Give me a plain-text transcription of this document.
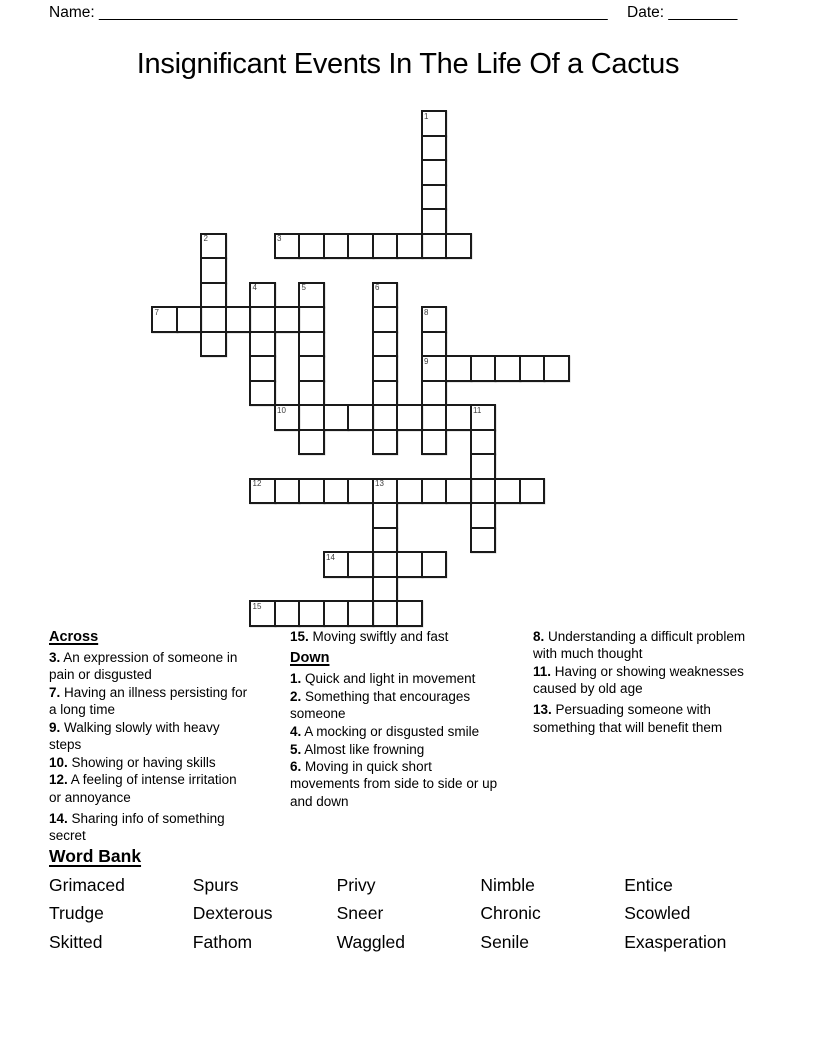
Name: ___________________________________________________________ Date: ________
Insignificant Events In The Life Of a Cactus
1
2	3
4	5	6
7	8
9
10	11
12	13
14
15
Across

3. An expression of someone in pain or disgusted

7. Having an illness persisting for a long time

9. Walking slowly with heavy steps

10. Showing or having skills

12. A feeling of intense irritation or annoyance

14. Sharing info of something secret

15. Moving swiftly and fast

Down

1. Quick and light in movement

2. Something that encourages someone

4. A mocking or disgusted smile

5. Almost like frowning

6. Moving in quick short movements from side to side or up and down

8. Understanding a difficult problem with much thought

11. Having or showing weaknesses caused by old age

13. Persuading someone with something that will benefit them

Word Bank
Grimaced	Spurs	Privy	Nimble	Entice
Trudge	Dexterous	Sneer	Chronic	Scowled
Skitted	Fathom	Waggled	Senile	Exasperation
